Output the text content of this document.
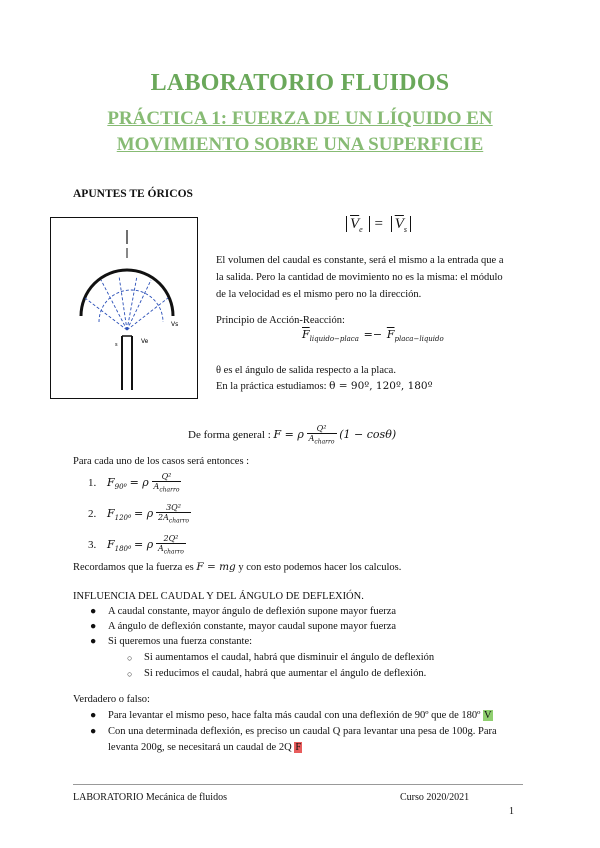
LABORATORIO FLUIDOS
PRÁCTICA 1: FUERZA DE UN LÍQUIDO EN
MOVIMIENTO SOBRE UNA SUPERFICIE
APUNTES TE ÓRICOS
Vs
Ve
s
$\overline{V}_e = \overline{V}_s$
El volumen del caudal es constante, será el mismo a la entrada que a
la salida. Pero la cantidad de movimiento no es la misma: el módulo
de la velocidad es el mismo pero no la dirección.
Principio de Acción-Reacción:
$\overline{F}_{liquido-placa} =- \overline{F}_{placa-liquido}$
θ es el ángulo de salida respecto a la placa.
En la práctica estudiamos: θ = 90º, 120º, 180º
De forma general : F = ρ $\frac{\text{Q²}}{A_{charro}} (1 - \cos\theta)$
Para cada uno de los casos será entonces :
1. $F_{90º} = \rho \frac{\text{Q²}}{A_{charro}}$
2. $F_{120º} = \rho \frac{\text{3Q²}}{2A_{charro}}$
3. $F_{180º} = \rho \frac{\text{2Q²}}{A_{charro}}$
Recordamos que la fuerza es F = mg y con esto podemos hacer los calculos.
INFLUENCIA DEL CAUDAL Y DEL ÁNGULO DE DEFLEXIÓN.
● A caudal constante, mayor ángulo de deflexión supone mayor fuerza
● A ángulo de deflexión constante, mayor caudal supone mayor fuerza
● Si queremos una fuerza constante:
○ Si aumentamos el caudal, habrá que disminuir el ángulo de deflexión
○ Si reducimos el caudal, habrá que aumentar el ángulo de deflexión.
Verdadero o falso:
● Para levantar el mismo peso, hace falta más caudal con una deflexión de 90º que de 180º V
● Con una determinada deflexión, es preciso un caudal Q para levantar una pesa de 100g. Para
levanta 200g, se necesitará un caudal de 2Q F
LABORATORIO Mecánica de fluidos	Curso 2020/2021
1
